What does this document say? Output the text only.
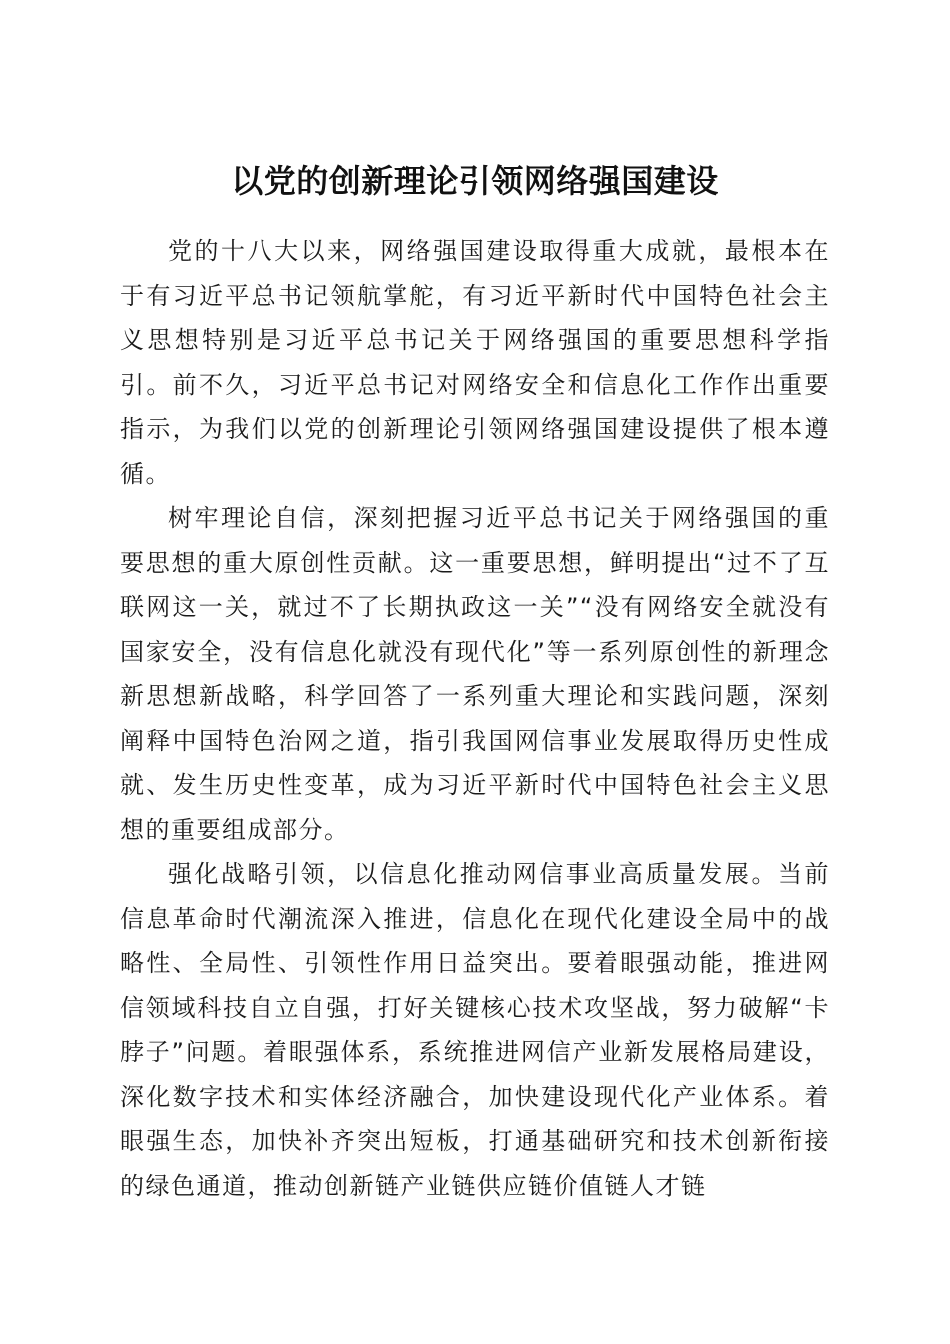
以党的创新理论引领网络强国建设

党的十八大以来，网络强国建设取得重大成就，最根本在于有习近平总书记领航掌舵，有习近平新时代中国特色社会主义思想特别是习近平总书记关于网络强国的重要思想科学指引。前不久，习近平总书记对网络安全和信息化工作作出重要指示，为我们以党的创新理论引领网络强国建设提供了根本遵循。

树牢理论自信，深刻把握习近平总书记关于网络强国的重要思想的重大原创性贡献。这一重要思想，鲜明提出“过不了互联网这一关，就过不了长期执政这一关”“没有网络安全就没有国家安全，没有信息化就没有现代化”等一系列原创性的新理念新思想新战略，科学回答了一系列重大理论和实践问题，深刻阐释中国特色治网之道，指引我国网信事业发展取得历史性成就、发生历史性变革，成为习近平新时代中国特色社会主义思想的重要组成部分。

强化战略引领，以信息化推动网信事业高质量发展。当前信息革命时代潮流深入推进，信息化在现代化建设全局中的战略性、全局性、引领性作用日益突出。要着眼强动能，推进网信领域科技自立自强，打好关键核心技术攻坚战，努力破解“卡脖子”问题。着眼强体系，系统推进网信产业新发展格局建设，深化数字技术和实体经济融合，加快建设现代化产业体系。着眼强生态，加快补齐突出短板，打通基础研究和技术创新衔接的绿色通道，推动创新链产业链供应链价值链人才链
